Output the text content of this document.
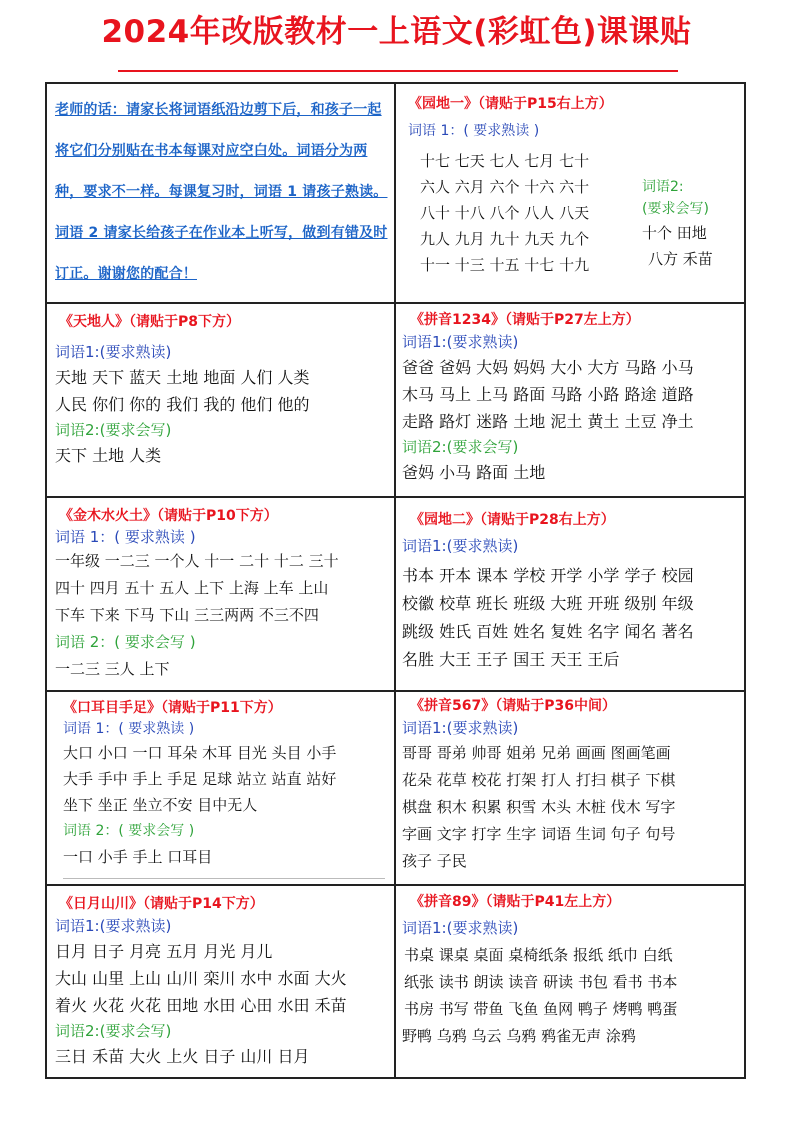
2024年改版教材一上语文(彩虹色)课课贴
老师的话：请家长将词语纸沿边剪下后，和孩子一起将它们分别贴在书本每课对应空白处。词语分为两种，要求不一样。每课复习时，词语 1 请孩子熟读。词语 2 请家长给孩子在作业本上听写，做到有错及时订正。谢谢您的配合！
《园地一》（请贴于P15右上方）
词语 1：( 要求熟读 )
十七 七天 七人 七月 七十
六人 六月 六个 十六 六十
八十 十八 八个 八人 八天
九人 九月 九十 九天 九个
十一 十三 十五 十七 十九
词语2:
(要求会写)
十个 田地
八方 禾苗
《天地人》（请贴于P8下方）
词语1:(要求熟读)
天地 天下 蓝天 土地 地面 人们 人类
人民 你们 你的 我们 我的 他们 他的
词语2:(要求会写)
天下 土地 人类
《拼音1234》（请贴于P27左上方）
词语1:(要求熟读)
爸爸 爸妈 大妈 妈妈 大小 大方 马路 小马
木马 马上 上马 路面 马路 小路 路途 道路
走路 路灯 迷路 土地 泥土 黄土 土豆 净土
词语2:(要求会写)
爸妈 小马 路面 土地
《金木水火土》（请贴于P10下方）
词语 1：( 要求熟读 )
一年级 一二三 一个人 十一 二十 十二 三十
四十 四月 五十 五人 上下 上海 上车 上山
下车 下来 下马 下山 三三两两 不三不四
词语 2：( 要求会写 )
一二三 三人 上下
《园地二》（请贴于P28右上方）
词语1:(要求熟读)
书本 开本 课本 学校 开学 小学 学子 校园
校徽 校草 班长 班级 大班 开班 级别 年级
跳级 姓氏 百姓 姓名 复姓 名字 闻名 著名
名胜 大王 王子 国王 天王 王后
《口耳目手足》（请贴于P11下方）
词语 1：( 要求熟读 )
大口 小口 一口 耳朵 木耳 目光 头目 小手
大手 手中 手上 手足 足球 站立 站直 站好
坐下 坐正 坐立不安 目中无人
词语 2：( 要求会写 )
一口 小手 手上 口耳目
《拼音567》（请贴于P36中间）
词语1:(要求熟读)
哥哥 哥弟 帅哥 姐弟 兄弟 画画 图画笔画
花朵 花草 校花 打架 打人 打扫 棋子 下棋
棋盘 积木 积累 积雪 木头 木桩 伐木 写字
字画 文字 打字 生字 词语 生词 句子 句号
孩子 子民
《日月山川》（请贴于P14下方）
词语1:(要求熟读)
日月 日子 月亮 五月 月光 月儿
大山 山里 上山 山川 栾川 水中 水面 大火
着火 火花 火花 田地 水田 心田 水田 禾苗
词语2:(要求会写)
三日 禾苗 大火 上火 日子 山川 日月
《拼音89》（请贴于P41左上方）
词语1:(要求熟读)
书桌 课桌 桌面 桌椅纸条 报纸 纸巾 白纸
纸张 读书 朗读 读音 研读 书包 看书 书本
书房 书写 带鱼 飞鱼 鱼网 鸭子 烤鸭 鸭蛋
野鸭 乌鸦 乌云 乌鸦 鸦雀无声 涂鸦
